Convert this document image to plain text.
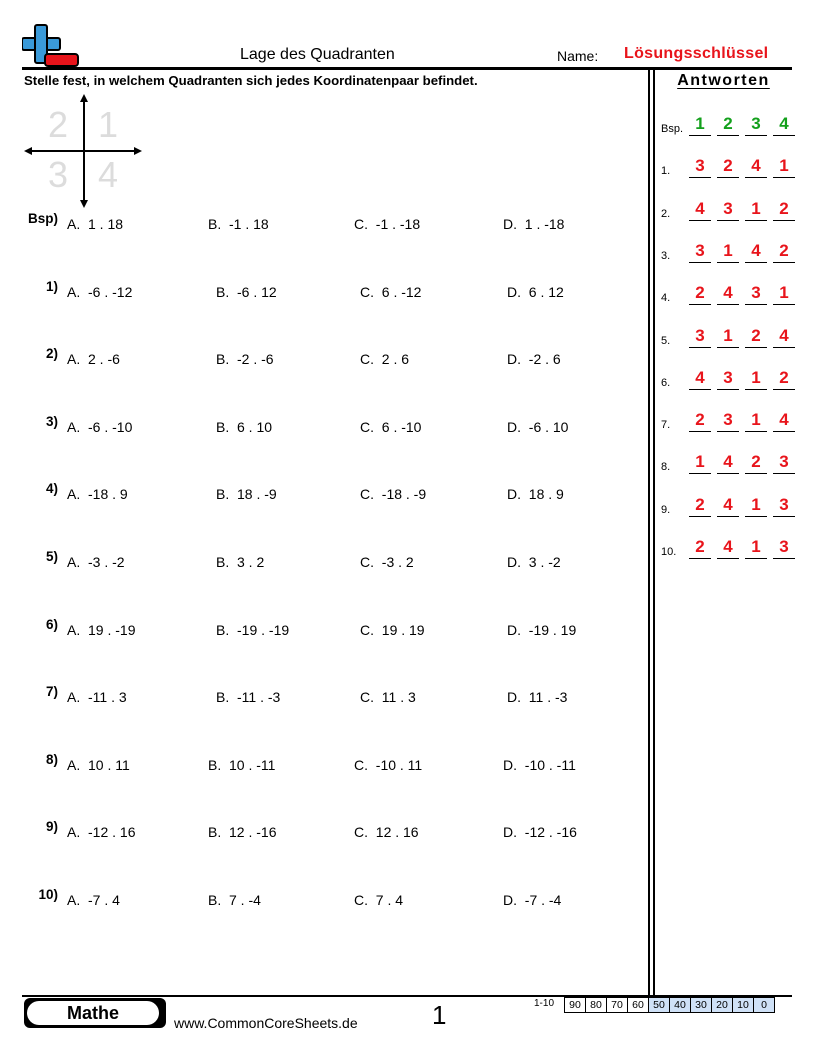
Lage des Quadranten	Name: Lösungsschlüssel
Stelle fest, in welchem Quadranten sich jedes Koordinatenpaar befindet.	Antworten
2 1
3 4
Bsp) A.  1 . 18	B.  -1 . 18	C.  -1 . -18	D.  1 . -18
1) A.  -6 . -12	B.  -6 . 12	C.  6 . -12	D.  6 . 12
2) A.  2 . -6	B.  -2 . -6	C.  2 . 6	D.  -2 . 6
3) A.  -6 . -10	B.  6 . 10	C.  6 . -10	D.  -6 . 10
4) A.  -18 . 9	B.  18 . -9	C.  -18 . -9	D.  18 . 9
5) A.  -3 . -2	B.  3 . 2	C.  -3 . 2	D.  3 . -2
6) A.  19 . -19	B.  -19 . -19	C.  19 . 19	D.  -19 . 19
7) A.  -11 . 3	B.  -11 . -3	C.  11 . 3	D.  11 . -3
8) A.  10 . 11	B.  10 . -11	C.  -10 . 11	D.  -10 . -11
9) A.  -12 . 16	B.  12 . -16	C.  12 . 16	D.  -12 . -16
10) A.  -7 . 4	B.  7 . -4	C.  7 . 4	D.  -7 . -4
Bsp. 1	2	3	4
1.	3	2	4	1
2.	4	3	1	2
3.	3	1	4	2
4.	2	4	3	1
5.	3	1	2	4
6.	4	3	1	2
7.	2	3	1	4
8.	1	4	2	3
9.	2	4	1	3
10.	2	4	1	3
Mathe	www.CommonCoreSheets.de	1	1-10 90	80	70	60	50	40	30	20	10	0
